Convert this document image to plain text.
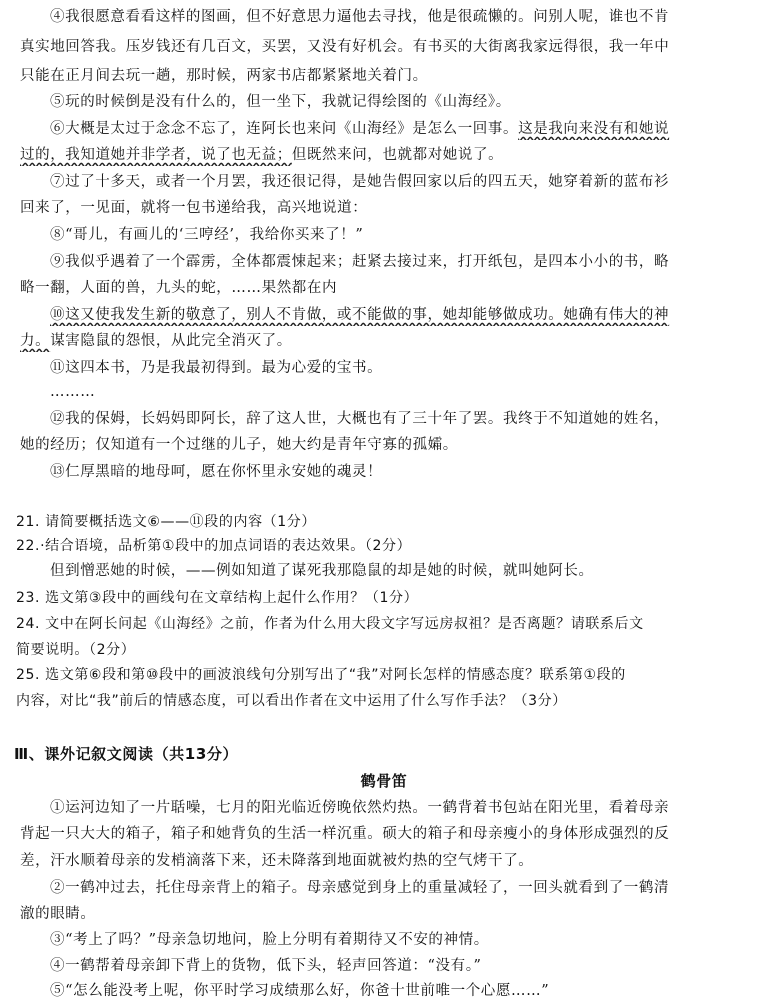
④我很愿意看看这样的图画，但不好意思力逼他去寻找，他是很疏懒的。问别人呢，谁也不肯
真实地回答我。压岁钱还有几百文，买罢，又没有好机会。有书买的大街离我家远得很，我一年中
只能在正月间去玩一趟，那时候，两家书店都紧紧地关着门。
⑤玩的时候倒是没有什么的，但一坐下，我就记得绘图的《山海经》。
⑥大概是太过于念念不忘了，连阿长也来问《山海经》是怎么一回事。这是我向来没有和她说
过的，我知道她并非学者，说了也无益；但既然来问，也就都对她说了。
⑦过了十多天，或者一个月罢，我还很记得，是她告假回家以后的四五天，她穿着新的蓝布衫
回来了，一见面，就将一包书递给我，高兴地说道：
⑧“哥儿，有画儿的‘三哼经’，我给你买来了！”
⑨我似乎遇着了一个霹雳，全体都震悚起来；赶紧去接过来，打开纸包，是四本小小的书，略
略一翻，人面的兽，九头的蛇，……果然都在内
⑩这又使我发生新的敬意了，别人不肯做，或不能做的事，她却能够做成功。她确有伟大的神
力。谋害隐鼠的怨恨，从此完全消灭了。
⑪这四本书，乃是我最初得到。最为心爱的宝书。
………
⑫我的保姆，长妈妈即阿长，辞了这人世，大概也有了三十年了罢。我终于不知道她的姓名，
她的经历；仅知道有一个过继的儿子，她大约是青年守寡的孤孀。
⑬仁厚黑暗的地母呵，愿在你怀里永安她的魂灵！
21. 请简要概括选文⑥——⑪段的内容（1分）
22.·结合语境，品析第①段中的加点词语的表达效果。（2分）
但到憎恶她的时候，——例如知道了谋死我那隐鼠的却是她的时候，就叫她阿长。
23. 选文第③段中的画线句在文章结构上起什么作用？（1分）
24. 文中在阿长问起《山海经》之前，作者为什么用大段文字写远房叔祖？是否离题？请联系后文
简要说明。（2分）
25. 选文第⑥段和第⑩段中的画波浪线句分别写出了“我”对阿长怎样的情感态度？联系第①段的
内容，对比“我”前后的情感态度，可以看出作者在文中运用了什么写作手法？（3分）
Ⅲ、课外记叙文阅读（共13分）
鹤骨笛
①运河边知了一片聒噪，七月的阳光临近傍晚依然灼热。一鹤背着书包站在阳光里，看着母亲
背起一只大大的箱子，箱子和她背负的生活一样沉重。硕大的箱子和母亲瘦小的身体形成强烈的反
差，汗水顺着母亲的发梢滴落下来，还未降落到地面就被灼热的空气烤干了。
②一鹤冲过去，托住母亲背上的箱子。母亲感觉到身上的重量减轻了，一回头就看到了一鹤清
澈的眼睛。
③“考上了吗？”母亲急切地问，脸上分明有着期待又不安的神情。
④一鹤帮着母亲卸下背上的货物，低下头，轻声回答道：“没有。”
⑤“怎么能没考上呢，你平时学习成绩那么好，你爸十世前唯一个心愿……”
